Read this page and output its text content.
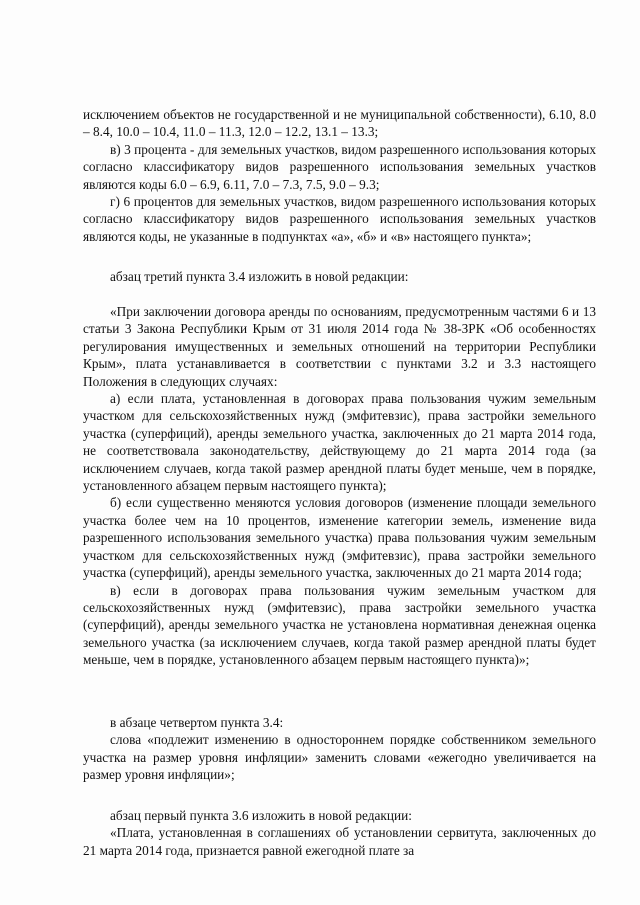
исключением объектов не государственной и не муниципальной собственности), 6.10, 8.0 – 8.4, 10.0 – 10.4, 11.0 – 11.3, 12.0 – 12.2, 13.1 – 13.3;

в) 3 процента - для земельных участков, видом разрешенного использования которых согласно классификатору видов разрешенного использования земельных участков являются коды 6.0 – 6.9, 6.11, 7.0 – 7.3, 7.5, 9.0 – 9.3;

г) 6 процентов для земельных участков, видом разрешенного использования которых согласно классификатору видов разрешенного использования земельных участков являются коды, не указанные в подпунктах «а», «б» и «в» настоящего пункта»;

абзац третий пункта 3.4 изложить в новой редакции:

«При заключении договора аренды по основаниям, предусмотренным частями 6 и 13 статьи 3 Закона Республики Крым от 31 июля 2014 года № 38-ЗРК «Об особенностях регулирования имущественных и земельных отношений на территории Республики Крым», плата устанавливается в соответствии с пунктами 3.2 и 3.3 настоящего Положения в следующих случаях:

а) если плата, установленная в договорах права пользования чужим земельным участком для сельскохозяйственных нужд (эмфитевзис), права застройки земельного участка (суперфиций), аренды земельного участка, заключенных до 21 марта 2014 года, не соответствовала законодательству, действующему до 21 марта 2014 года (за исключением случаев, когда такой размер арендной платы будет меньше, чем в порядке, установленного абзацем первым настоящего пункта);

б) если существенно меняются условия договоров (изменение площади земельного участка более чем на 10 процентов, изменение категории земель, изменение вида разрешенного использования земельного участка) права пользования чужим земельным участком для сельскохозяйственных нужд (эмфитевзис), права застройки земельного участка (суперфиций), аренды земельного участка, заключенных до 21 марта 2014 года;

в) если в договорах права пользования чужим земельным участком для сельскохозяйственных нужд (эмфитевзис), права застройки земельного участка (суперфиций), аренды земельного участка не установлена нормативная денежная оценка земельного участка (за исключением случаев, когда такой размер арендной платы будет меньше, чем в порядке, установленного абзацем первым настоящего пункта)»;

в абзаце четвертом пункта 3.4:

слова «подлежит изменению в одностороннем порядке собственником земельного участка на размер уровня инфляции» заменить словами «ежегодно увеличивается на размер уровня инфляции»;

абзац первый пункта 3.6 изложить в новой редакции:

«Плата, установленная в соглашениях об установлении сервитута, заключенных до 21 марта 2014 года, признается равной ежегодной плате за
